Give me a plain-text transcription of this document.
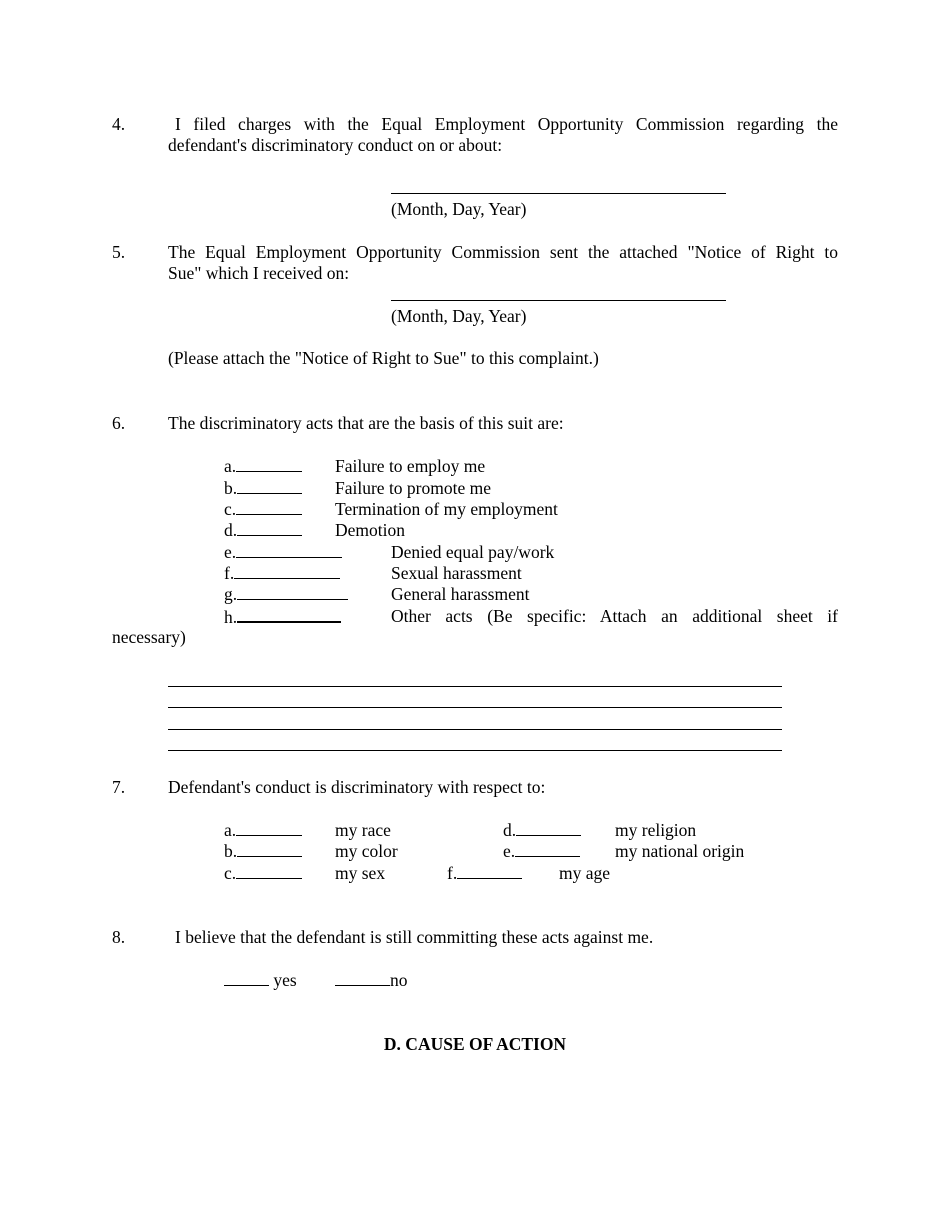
4.	I filed charges with the Equal Employment Opportunity Commission regarding the
defendant's discriminatory conduct on or about:
(Month, Day, Year)
5. The Equal Employment Opportunity Commission sent the attached "Notice of Right to
Sue" which I received on:
(Month, Day, Year)
(Please attach the "Notice of Right to Sue" to this complaint.)
6. The discriminatory acts that are the basis of this suit are:
a.	Failure to employ me
b.	Failure to promote me
c.	Termination of my employment
d.	Demotion
e.	Denied equal pay/work
f.	Sexual harassment
g.	General harassment
h.	Other acts (Be specific: Attach an additional sheet if
necessary)
7. Defendant's conduct is discriminatory with respect to:
a.	my race	d.	my religion
b.	my color	e.	my national origin
c.	my sex	f.	my age
8.	I believe that the defendant is still committing these acts against me.
yes	no
D. CAUSE OF ACTION
